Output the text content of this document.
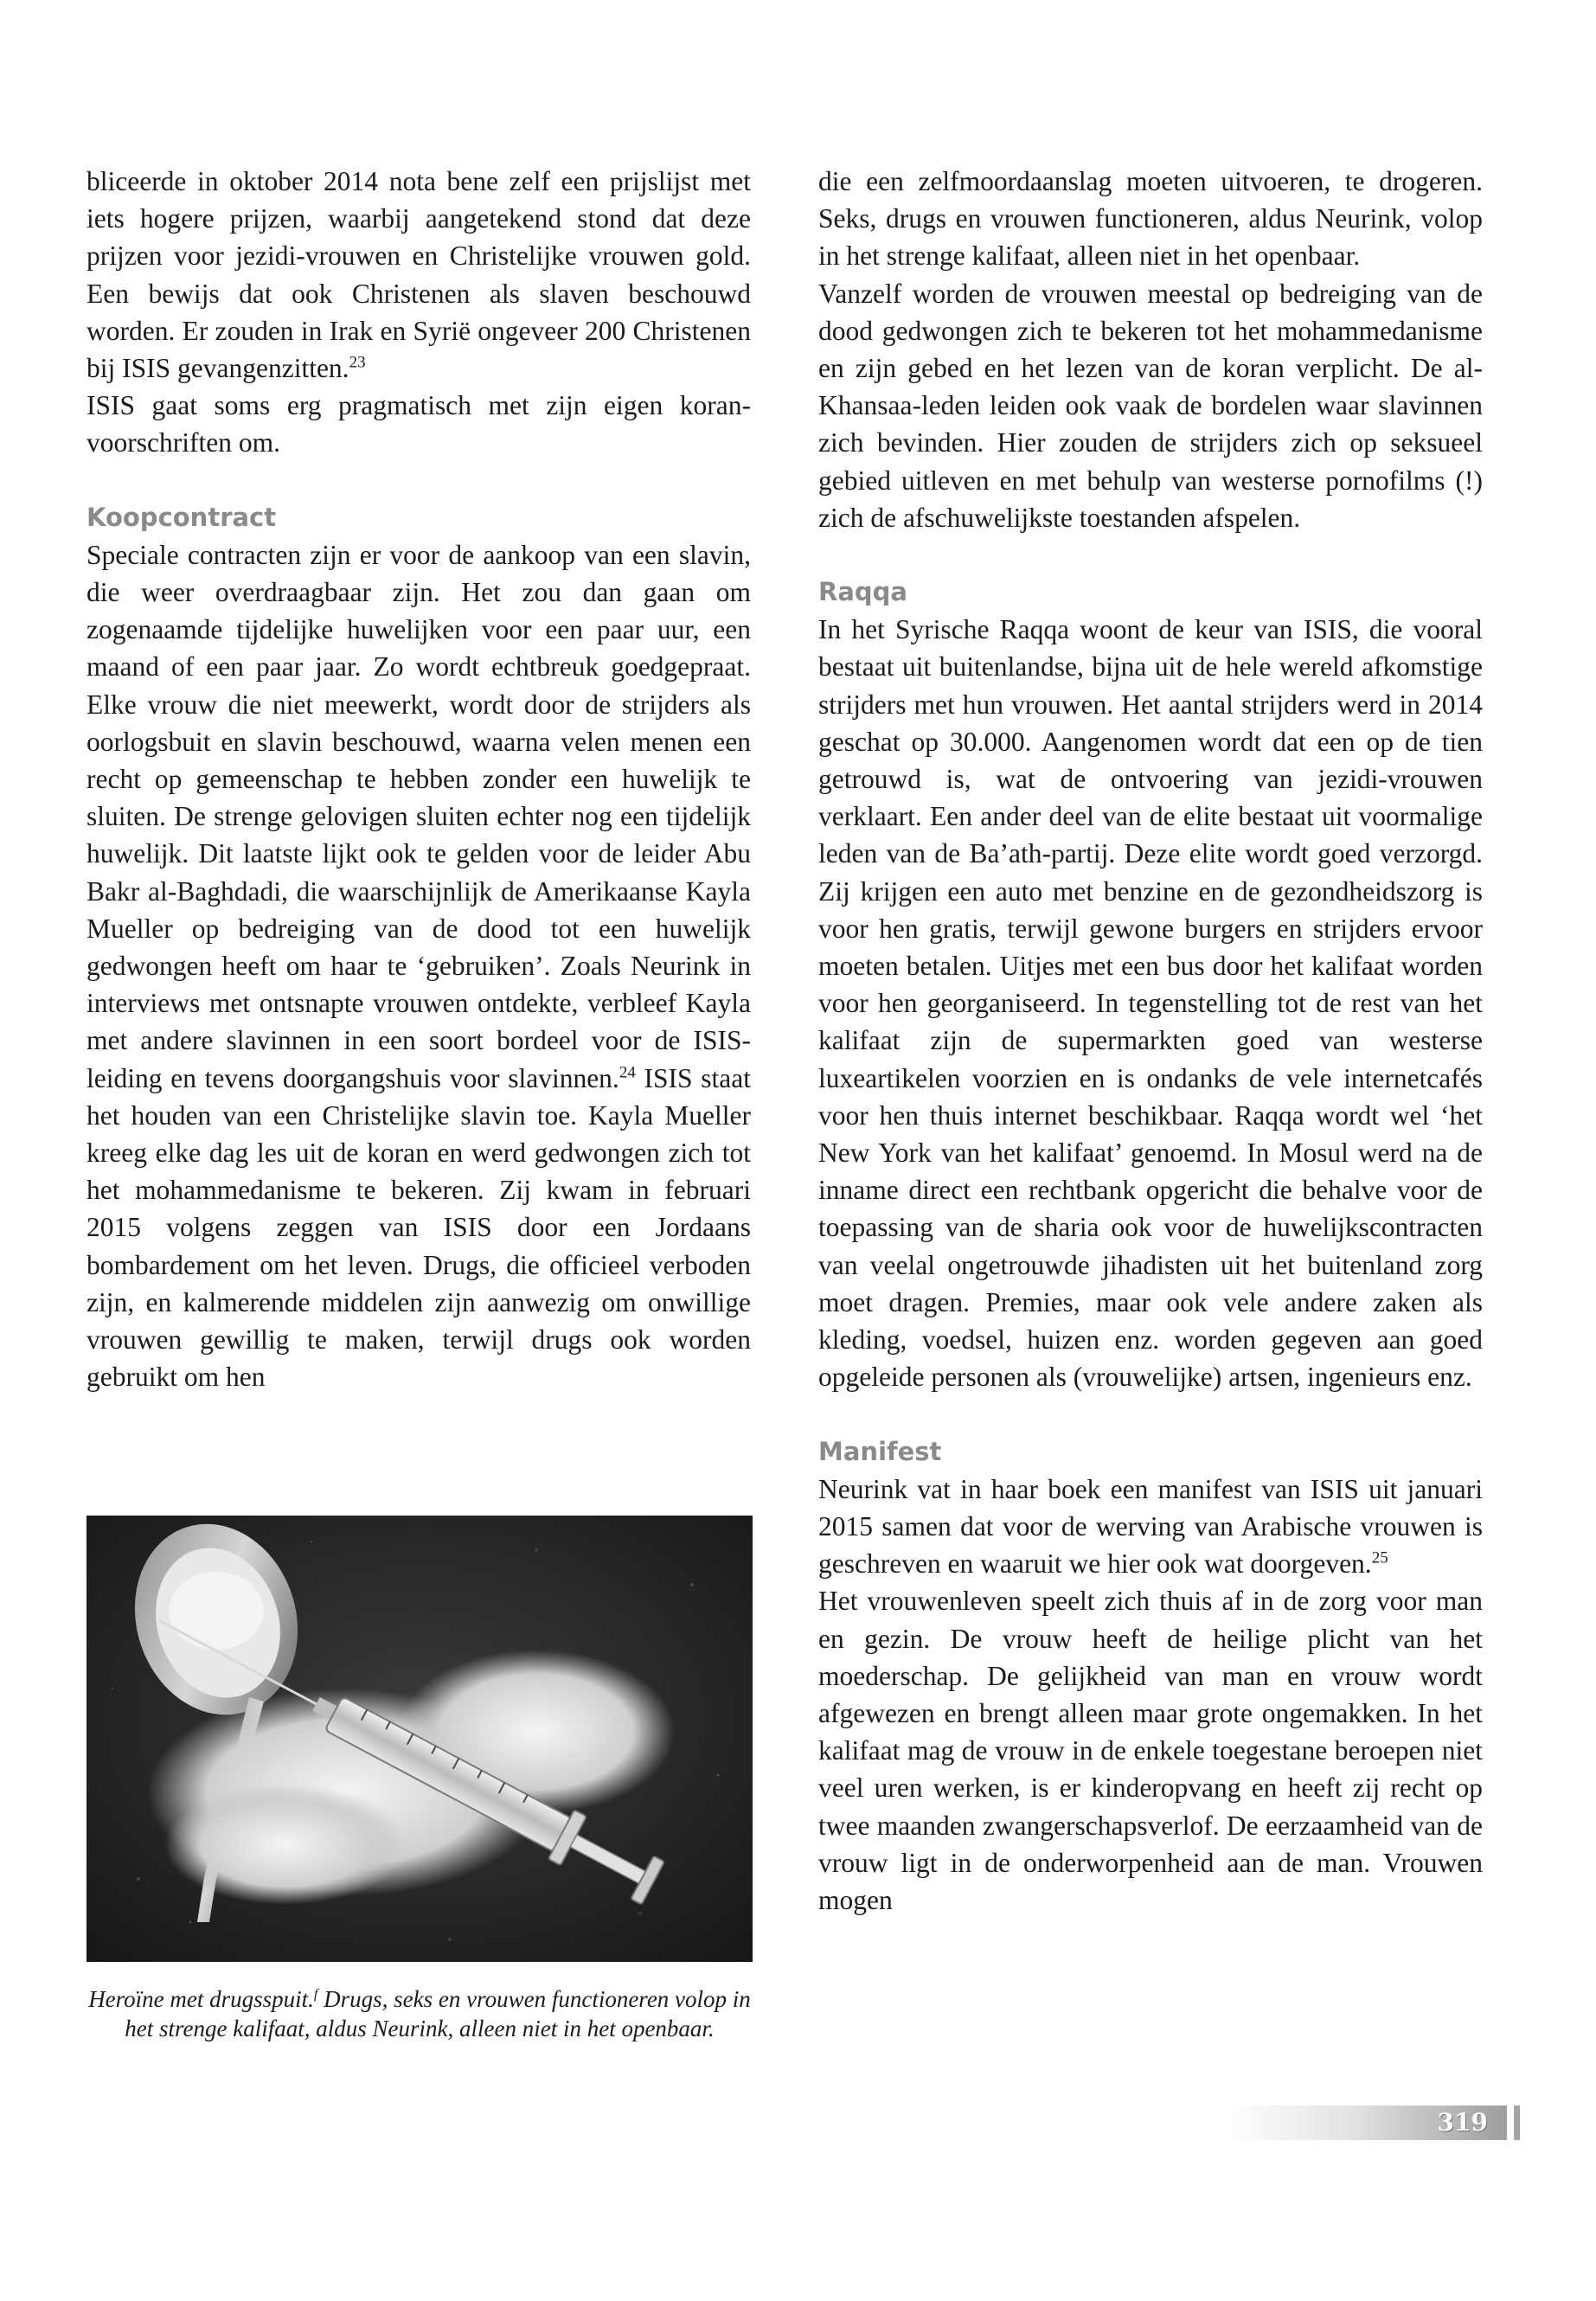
bliceerde in oktober 2014 nota bene zelf een prijslijst met iets hogere prijzen, waarbij aangetekend stond dat deze prijzen voor jezidi-vrouwen en Christelijke vrouwen gold. Een bewijs dat ook Christenen als slaven beschouwd worden. Er zouden in Irak en Syrië ongeveer 200 Christenen bij ISIS gevangenzitten.$^{23}$

ISIS gaat soms erg pragmatisch met zijn eigen koranvoorschriften om.

Koopcontract

Speciale contracten zijn er voor de aankoop van een slavin, die weer overdraagbaar zijn. Het zou dan gaan om zogenaamde tijdelijke huwelijken voor een paar uur, een maand of een paar jaar. Zo wordt echtbreuk goedgepraat. Elke vrouw die niet meewerkt, wordt door de strijders als oorlogsbuit en slavin beschouwd, waarna velen menen een recht op gemeenschap te hebben zonder een huwelijk te sluiten. De strenge gelovigen sluiten echter nog een tijdelijk huwelijk. Dit laatste lijkt ook te gelden voor de leider Abu Bakr al-Baghdadi, die waarschijnlijk de Amerikaanse Kayla Mueller op bedreiging van de dood tot een huwelijk gedwongen heeft om haar te ‘gebruiken’. Zoals Neurink in interviews met ontsnapte vrouwen ontdekte, verbleef Kayla met andere slavinnen in een soort bordeel voor de ISIS-leiding en tevens doorgangshuis voor slavinnen.$^{24}$ ISIS staat het houden van een Christelijke slavin toe. Kayla Mueller kreeg elke dag les uit de koran en werd gedwongen zich tot het mohammedanisme te bekeren. Zij kwam in februari 2015 volgens zeggen van ISIS door een Jordaans bombardement om het leven. Drugs, die officieel verboden zijn, en kalmerende middelen zijn aanwezig om onwillige vrouwen gewillig te maken, terwijl drugs ook worden gebruikt om hen

Heroïne met drugsspuit.$^f$ Drugs, seks en vrouwen functioneren volop in het strenge kalifaat, aldus Neurink, alleen niet in het openbaar.

die een zelfmoordaanslag moeten uitvoeren, te drogeren. Seks, drugs en vrouwen functioneren, aldus Neurink, volop in het strenge kalifaat, alleen niet in het openbaar.

Vanzelf worden de vrouwen meestal op bedreiging van de dood gedwongen zich te bekeren tot het mohammedanisme en zijn gebed en het lezen van de koran verplicht. De al-Khansaa-leden leiden ook vaak de bordelen waar slavinnen zich bevinden. Hier zouden de strijders zich op seksueel gebied uitleven en met behulp van westerse pornofilms (!) zich de afschuwelijkste toestanden afspelen.

Raqqa

In het Syrische Raqqa woont de keur van ISIS, die vooral bestaat uit buitenlandse, bijna uit de hele wereld afkomstige strijders met hun vrouwen. Het aantal strijders werd in 2014 geschat op 30.000. Aangenomen wordt dat een op de tien getrouwd is, wat de ontvoering van jezidi-vrouwen verklaart. Een ander deel van de elite bestaat uit voormalige leden van de Ba’ath-partij. Deze elite wordt goed verzorgd. Zij krijgen een auto met benzine en de gezondheidszorg is voor hen gratis, terwijl gewone burgers en strijders ervoor moeten betalen. Uitjes met een bus door het kalifaat worden voor hen georganiseerd. In tegenstelling tot de rest van het kalifaat zijn de supermarkten goed van westerse luxeartikelen voorzien en is ondanks de vele internetcafés voor hen thuis internet beschikbaar. Raqqa wordt wel ‘het New York van het kalifaat’ genoemd. In Mosul werd na de inname direct een rechtbank opgericht die behalve voor de toepassing van de sharia ook voor de huwelijkscontracten van veelal ongetrouwde jihadisten uit het buitenland zorg moet dragen. Premies, maar ook vele andere zaken als kleding, voedsel, huizen enz. worden gegeven aan goed opgeleide personen als (vrouwelijke) artsen, ingenieurs enz.

Manifest

Neurink vat in haar boek een manifest van ISIS uit januari 2015 samen dat voor de werving van Arabische vrouwen is geschreven en waaruit we hier ook wat doorgeven.$^{25}$

Het vrouwenleven speelt zich thuis af in de zorg voor man en gezin. De vrouw heeft de heilige plicht van het moederschap. De gelijkheid van man en vrouw wordt afgewezen en brengt alleen maar grote ongemakken. In het kalifaat mag de vrouw in de enkele toegestane beroepen niet veel uren werken, is er kinderopvang en heeft zij recht op twee maanden zwangerschapsverlof. De eerzaamheid van de vrouw ligt in de onderworpenheid aan de man. Vrouwen mogen

319
